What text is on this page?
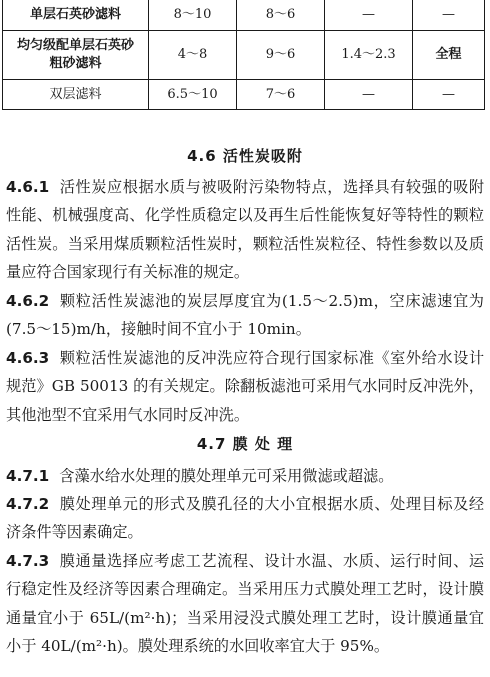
单层石英砂滤料	8～10	8～6	—	—
均匀级配单层石英砂
粗砂滤料	4～8	9～6	1.4～2.3	全程
双层滤料	6.5～10	7～6	—	—
4.6 活性炭吸附
4.6.1 活性炭应根据水质与被吸附污染物特点，选择具有较强的吸附性能、机械强度高、化学性质稳定以及再生后性能恢复好等特性的颗粒活性炭。当采用煤质颗粒活性炭时，颗粒活性炭粒径、特性参数以及质量应符合国家现行有关标准的规定。
4.6.2 颗粒活性炭滤池的炭层厚度宜为(1.5～2.5)m，空床滤速宜为(7.5～15)m/h，接触时间不宜小于 10min。
4.6.3 颗粒活性炭滤池的反冲洗应符合现行国家标准《室外给水设计规范》GB 50013 的有关规定。除翻板滤池可采用气水同时反冲洗外，其他池型不宜采用气水同时反冲洗。
4.7 膜 处 理
4.7.1 含藻水给水处理的膜处理单元可采用微滤或超滤。
4.7.2 膜处理单元的形式及膜孔径的大小宜根据水质、处理目标及经济条件等因素确定。
4.7.3 膜通量选择应考虑工艺流程、设计水温、水质、运行时间、运行稳定性及经济等因素合理确定。当采用压力式膜处理工艺时，设计膜通量宜小于 65L/(m²·h)；当采用浸没式膜处理工艺时，设计膜通量宜小于 40L/(m²·h)。膜处理系统的水回收率宜大于 95%。
